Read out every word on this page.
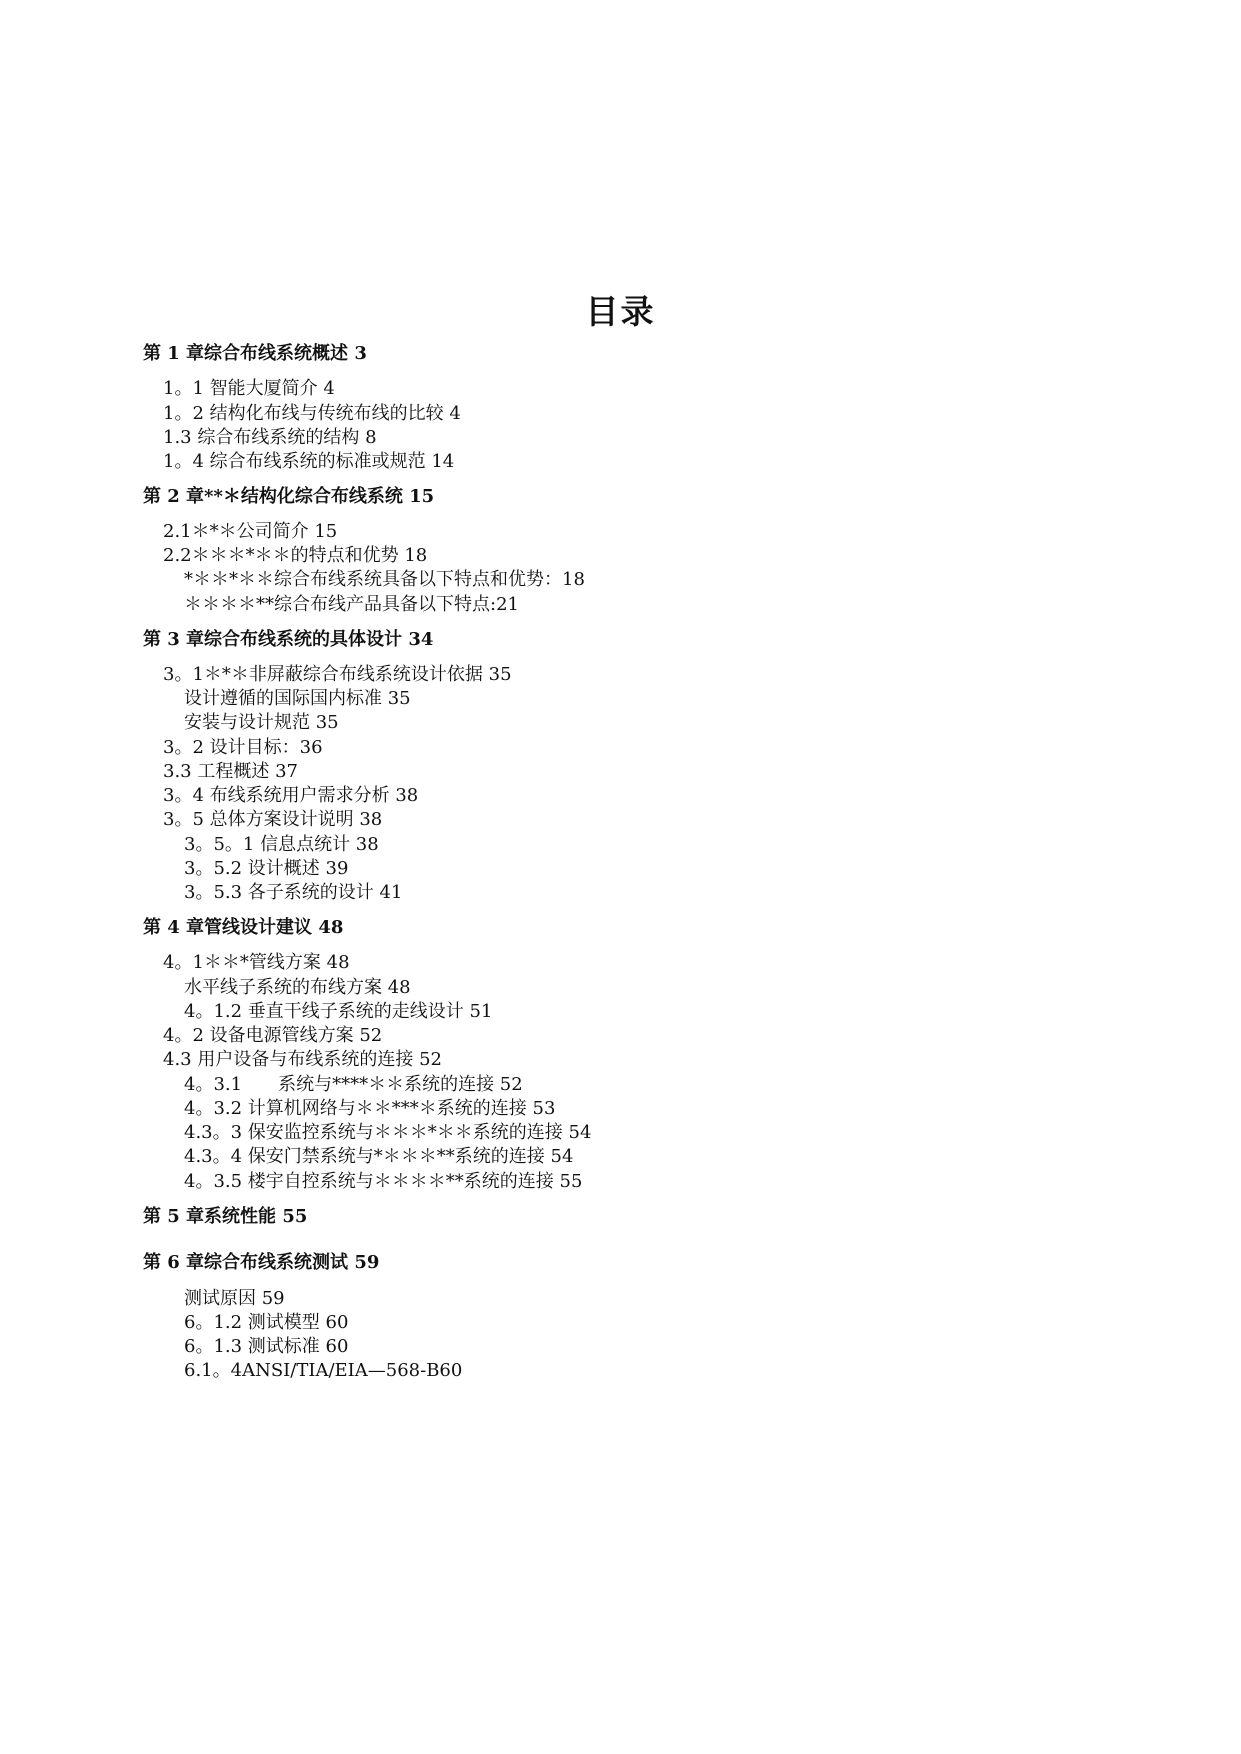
目录
第 1 章综合布线系统概述 3
1。1 智能大厦简介 4
1。2 结构化布线与传统布线的比较 4
1.3 综合布线系统的结构 8
1。4 综合布线系统的标准或规范 14
第 2 章**＊结构化综合布线系统 15
2.1＊*＊公司简介 15
2.2＊＊＊*＊＊的特点和优势 18
*＊＊*＊＊综合布线系统具备以下特点和优势：18
＊＊＊＊**综合布线产品具备以下特点:21
第 3 章综合布线系统的具体设计 34
3。1＊*＊非屏蔽综合布线系统设计依据 35
设计遵循的国际国内标准 35
安装与设计规范 35
3。2 设计目标：36
3.3 工程概述 37
3。4 布线系统用户需求分析 38
3。5 总体方案设计说明 38
3。5。1 信息点统计 38
3。5.2 设计概述 39
3。5.3 各子系统的设计 41
第 4 章管线设计建议 48
4。1＊＊*管线方案 48
水平线子系统的布线方案 48
4。1.2 垂直干线子系统的走线设计 51
4。2 设备电源管线方案 52
4.3 用户设备与布线系统的连接 52
4。3.1　　系统与****＊＊系统的连接 52
4。3.2 计算机网络与＊＊***＊系统的连接 53
4.3。3 保安监控系统与＊＊＊*＊＊系统的连接 54
4.3。4 保安门禁系统与*＊＊＊**系统的连接 54
4。3.5 楼宇自控系统与＊＊＊＊**系统的连接 55
第 5 章系统性能 55
第 6 章综合布线系统测试 59
测试原因 59
6。1.2 测试模型 60
6。1.3 测试标准 60
6.1。4ANSI/TIA/EIA—568-B60
